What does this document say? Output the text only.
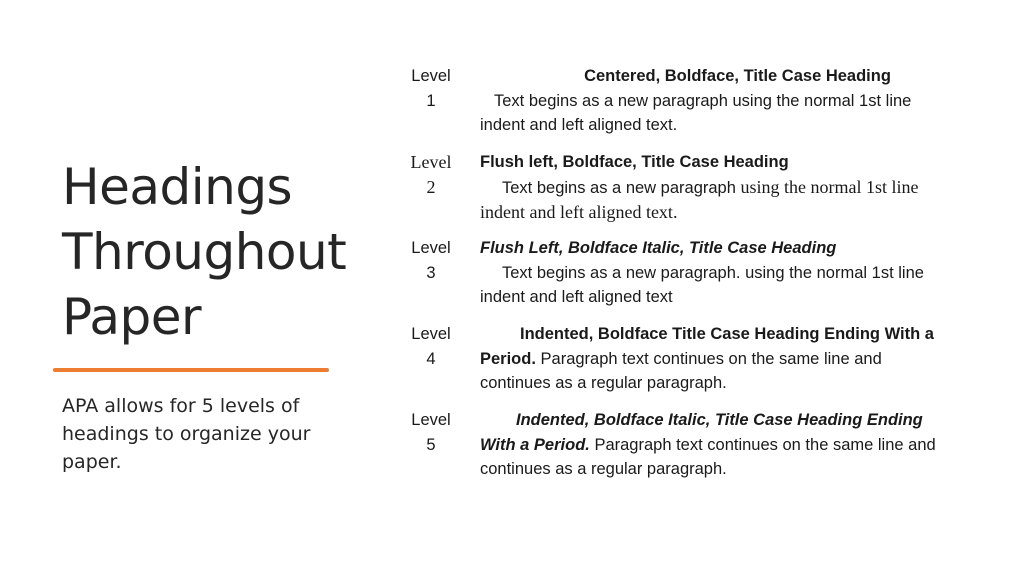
Headings
Throughout
Paper
APA allows for 5 levels of headings to organize your paper.
Level
1
Centered, Boldface, Title Case Heading
Text begins as a new paragraph using the normal 1st line
indent and left aligned text.
Level
2
Flush left, Boldface, Title Case Heading
Text begins as a new paragraph using the normal 1st line
indent and left aligned text.
Level
3
Flush Left, Boldface Italic, Title Case Heading
Text begins as a new paragraph. using the normal 1st line
indent and left aligned text
Level
4
Indented, Boldface Title Case Heading Ending With a
Period. Paragraph text continues on the same line and
continues as a regular paragraph.
Level
5
Indented, Boldface Italic, Title Case Heading Ending
With a Period. Paragraph text continues on the same line and
continues as a regular paragraph.
